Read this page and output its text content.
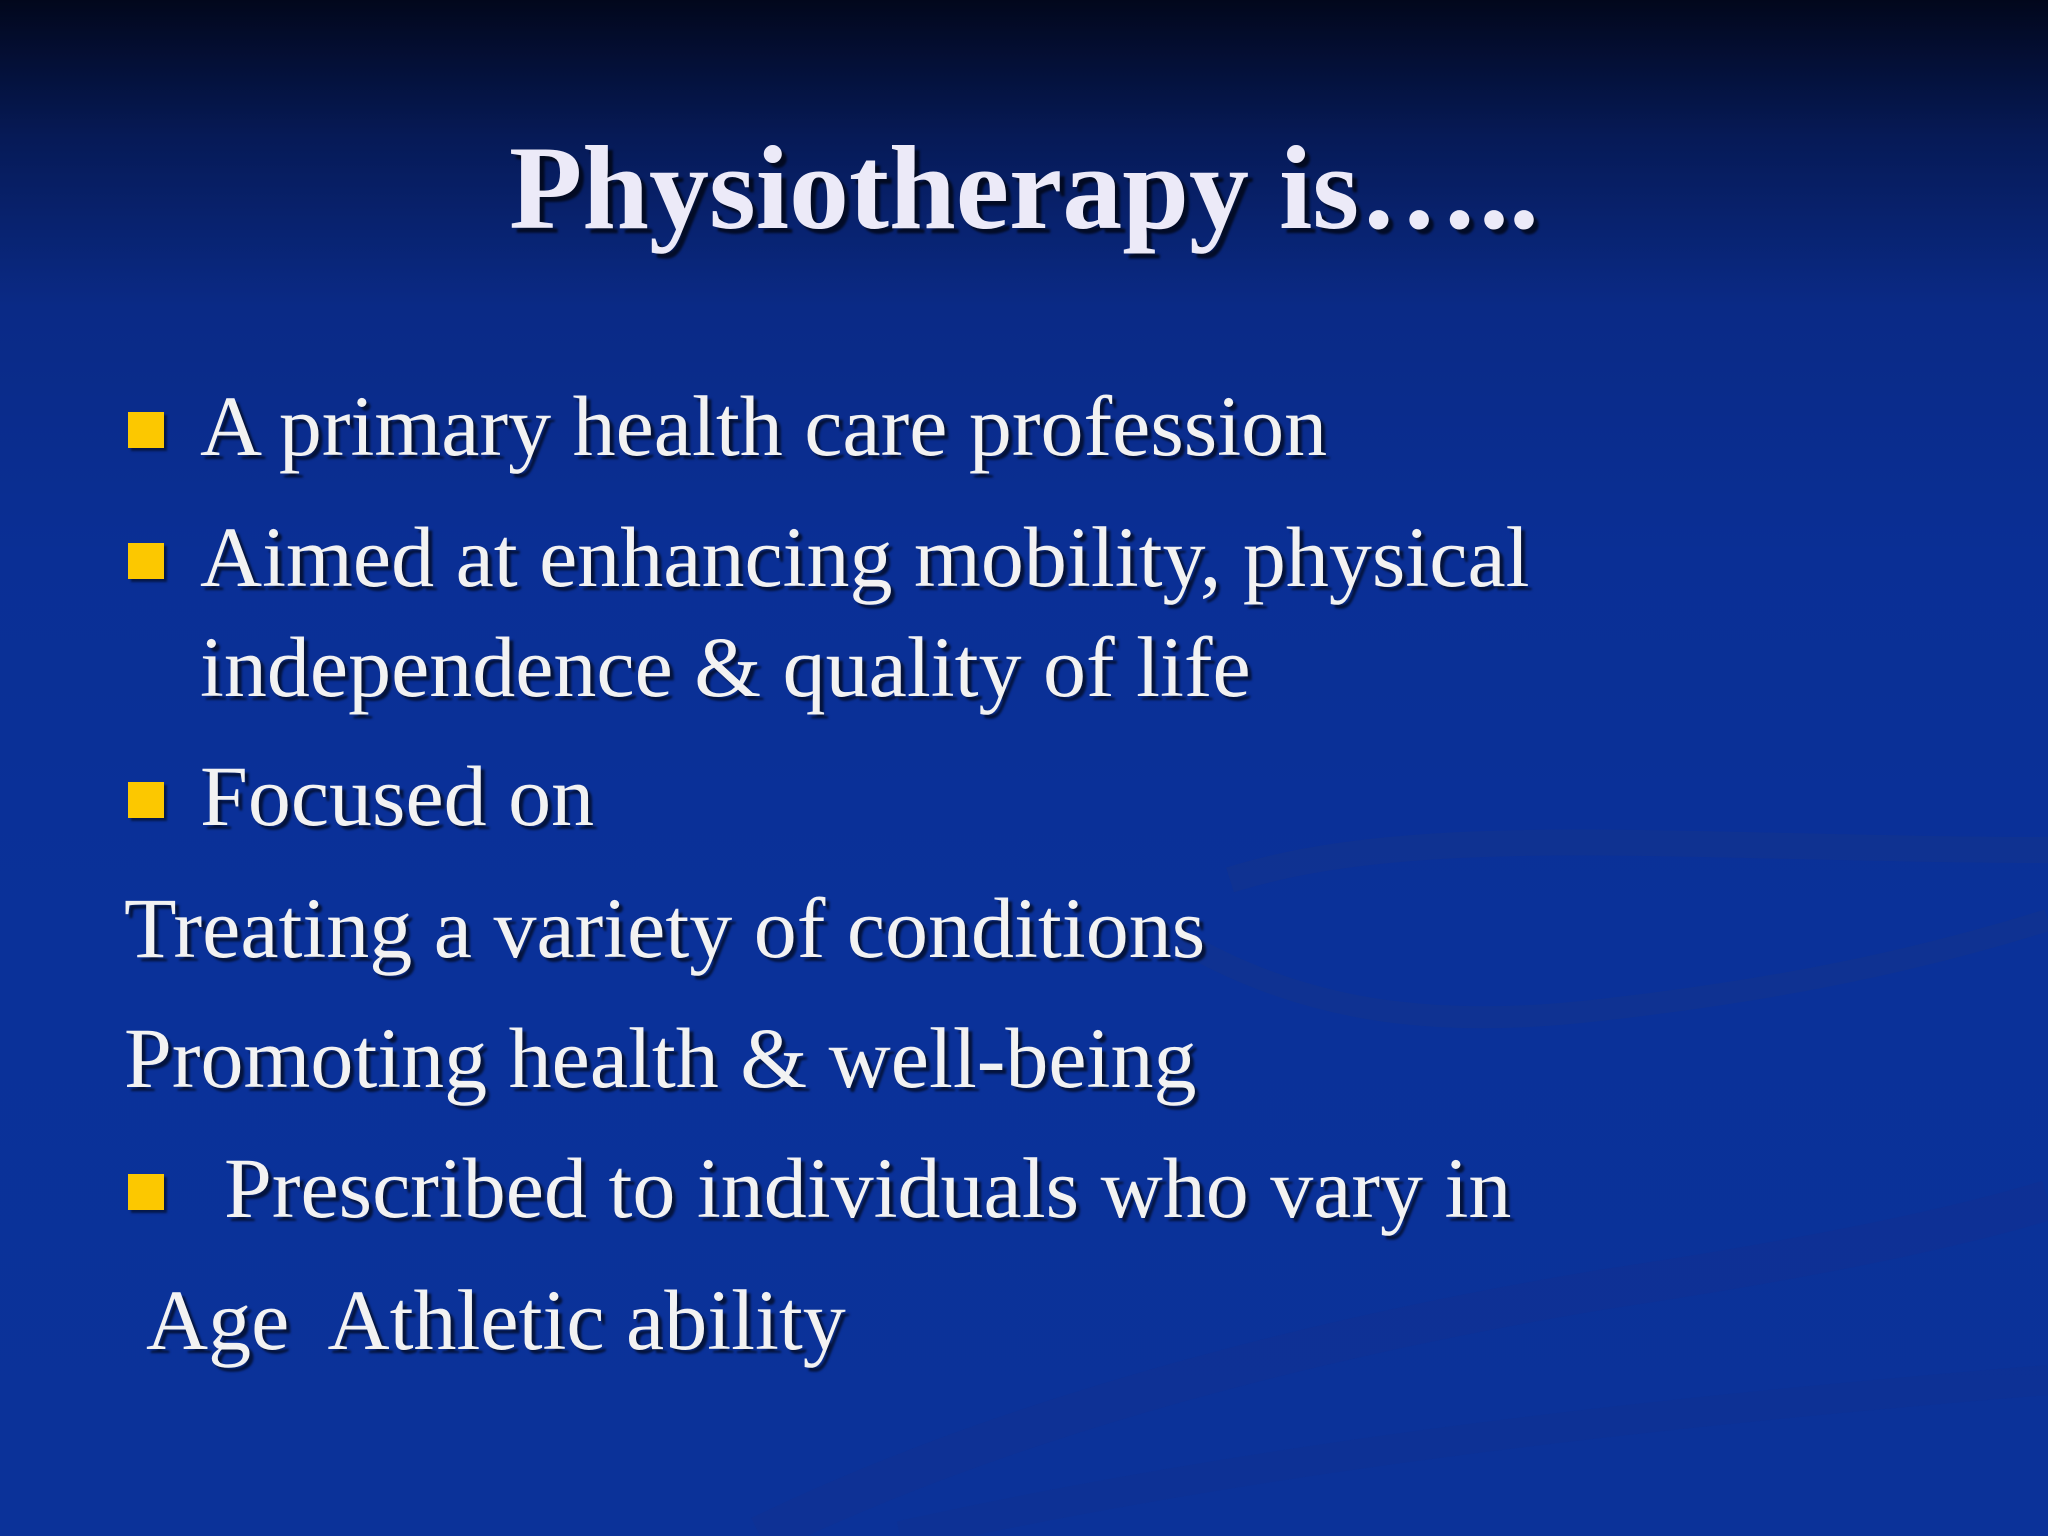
Physiotherapy is…..
A primary health care profession
Aimed at enhancing mobility, physical
independence & quality of life
Focused on
Treating a variety of conditions
Promoting health & well-being
Prescribed to individuals who vary in
Age  Athletic ability
